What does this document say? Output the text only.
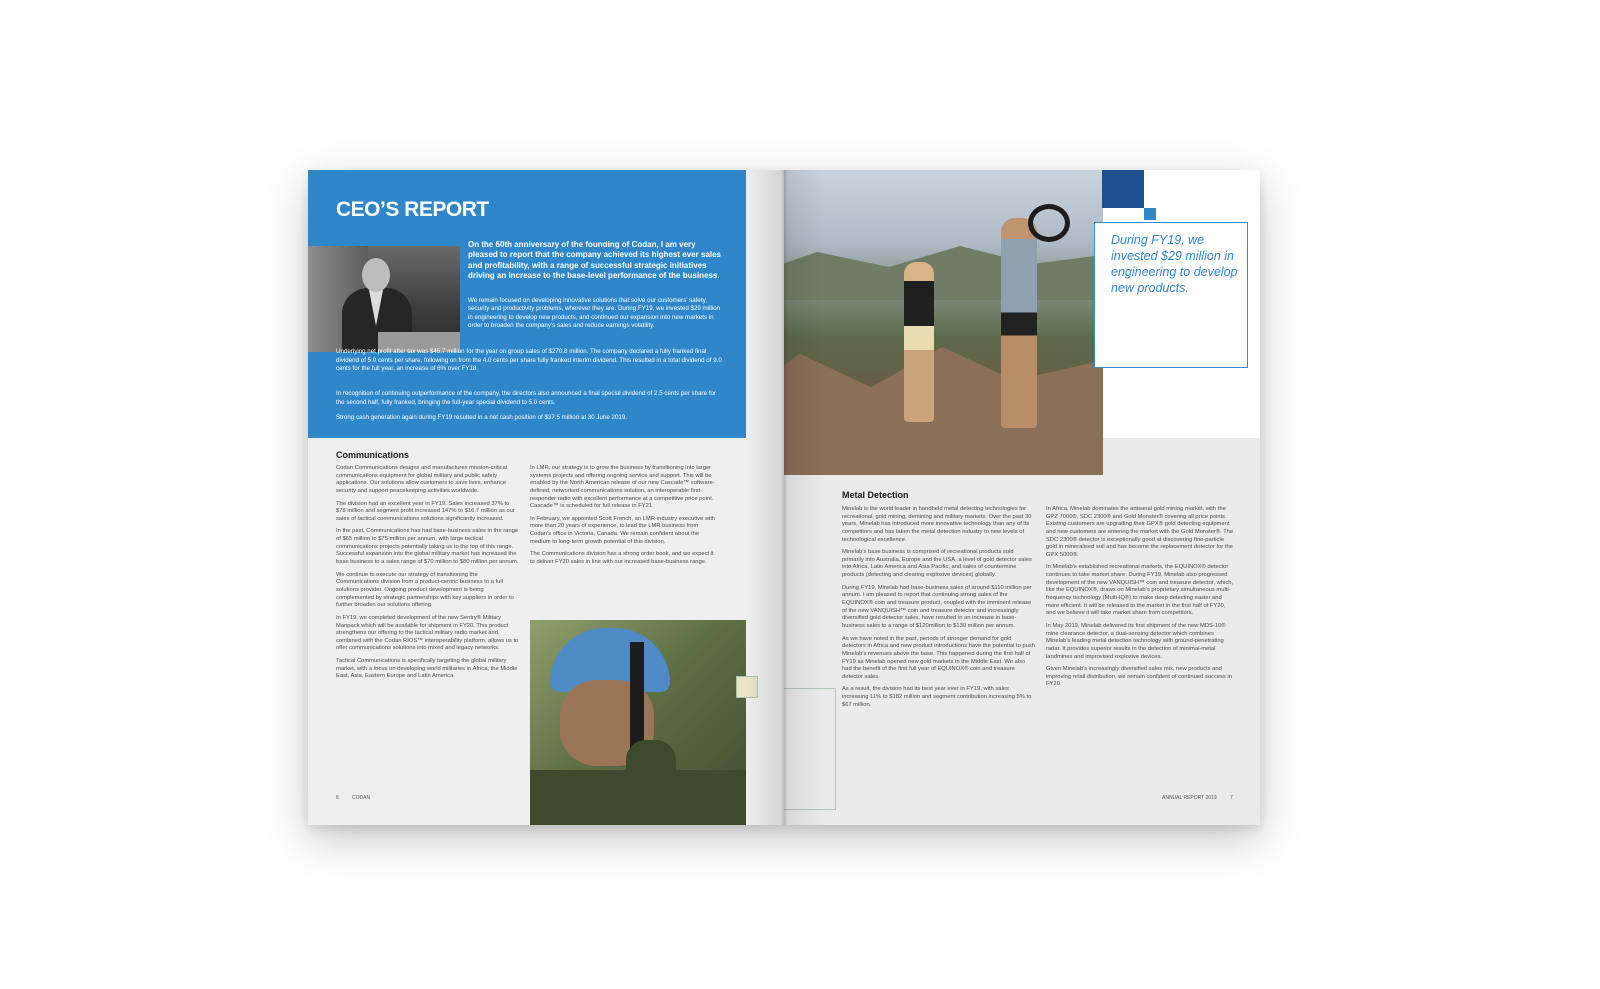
CEO’S REPORT

On the 60th anniversary of the founding of Codan, I am very pleased to report that the company achieved its highest ever sales and profitability, with a range of successful strategic initiatives driving an increase to the base-level performance of the business.

We remain focused on developing innovative solutions that solve our customers’ safety, security and productivity problems, wherever they are. During FY19, we invested $29 million in engineering to develop new products, and continued our expansion into new markets in order to broaden the company’s sales and reduce earnings volatility.

Underlying net profit after tax was $45.7 million for the year on group sales of $270.8 million. The company declared a fully franked final dividend of 5.0 cents per share, following on from the 4.0 cents per share fully franked interim dividend. This resulted in a total dividend of 9.0 cents for the full year, an increase of 6% over FY18.

In recognition of continuing outperformance of the company, the directors also announced a final special dividend of 2.5 cents per share for the second half, fully franked, bringing the full-year special dividend to 5.0 cents.

Strong cash generation again during FY19 resulted in a net cash position of $37.5 million at 30 June 2019.

Communications

Codan Communications designs and manufactures mission-critical communications equipment for global military and public safety applications. Our solutions allow customers to save lives, enhance security and support peacekeeping activities worldwide.

The division had an excellent year in FY19. Sales increased 37% to $78 million and segment profit increased 147% to $16.7 million as our sales of tactical communications solutions significantly increased.

In the past, Communications has had base-business sales in the range of $65 million to $75 million per annum, with large tactical communications projects potentially taking us to the top of this range. Successful expansion into the global military market has increased the base business to a sales range of $70 million to $80 million per annum.

We continue to execute our strategy of transitioning the Communications division from a product-centric business to a full solutions provider. Ongoing product development is being complemented by strategic partnerships with key suppliers in order to further broaden our solutions offering.

In FY19, we completed development of the new Sentry® Military Manpack which will be available for shipment in FY20. This product strengthens our offering to the tactical military radio market and, combined with the Codan RIOS™ interoperability platform, allows us to offer communications solutions into mixed and legacy networks.

Tactical Communications is specifically targeting the global military market, with a focus on developing world militaries in Africa, the Middle East, Asia, Eastern Europe and Latin America.

In LMR, our strategy is to grow the business by transitioning into larger systems projects and offering ongoing service and support. This will be enabled by the North American release of our new Cascade™ software-defined, networked communications solution, an interoperable first-responder radio with excellent performance at a competitive price point. Cascade™ is scheduled for full release in FY21.

In February, we appointed Scott French, an LMR-industry executive with more than 20 years of experience, to lead the LMR business from Codan’s office in Victoria, Canada. We remain confident about the medium to long-term growth potential of this division.

The Communications division has a strong order book, and we expect it to deliver FY20 sales in line with our increased base-business range.

6	CODAN

During FY19, we invested $29 million in engineering to develop new products.

Metal Detection

Minelab is the world leader in handheld metal detecting technologies for recreational, gold mining, demining and military markets. Over the past 30 years, Minelab has introduced more innovative technology than any of its competitors and has taken the metal detection industry to new levels of technological excellence.

Minelab’s base business is comprised of recreational products sold primarily into Australia, Europe and the USA, a level of gold detector sales into Africa, Latin America and Asia Pacific, and sales of countermine products (detecting and clearing explosive devices) globally.

During FY19, Minelab had base-business sales of around $110 million per annum. I am pleased to report that continuing strong sales of the EQUINOX® coin and treasure product, coupled with the imminent release of the new VANQUISH™ coin and treasure detector and increasingly diversified gold detector sales, have resulted in an increase in base-business sales to a range of $120million to $130 million per annum.

As we have noted in the past, periods of stronger demand for gold detectors in Africa and new product introductions have the potential to push Minelab’s revenues above the base. This happened during the first half of FY19 as Minelab opened new gold markets in the Middle East. We also had the benefit of the first full year of EQUINOX® coin and treasure detector sales.

As a result, the division had its best year ever in FY19, with sales increasing 11% to $182 million and segment contribution increasing 5% to $67 million.

In Africa, Minelab dominates the artisanal gold mining market, with the GPZ 7000®, SDC 2300® and Gold Monster® covering all price points. Existing customers are upgrading their GPX® gold detecting equipment and new customers are entering the market with the Gold Monster®. The SDC 2300® detector is exceptionally good at discovering fine-particle gold in mineralised soil and has become the replacement detector for the GPX 5000®.

In Minelab’s established recreational markets, the EQUINOX® detector continues to take market share. During FY19, Minelab also progressed development of the new VANQUISH™ coin and treasure detector, which, like the EQUINOX®, draws on Minelab’s proprietary simultaneous multi-frequency technology (Multi-IQ®) to make deep detecting easier and more efficient. It will be released to the market in the first half of FY20, and we believe it will take market share from competitors.

In May 2019, Minelab delivered its first shipment of the new MDS-10® mine clearance detector, a dual-sensing detector which combines Minelab’s leading metal detection technology with ground-penetrating radar. It provides superior results in the detection of minimal-metal landmines and improvised explosive devices.

Given Minelab’s increasingly diversified sales mix, new products and improving retail distribution, we remain confident of continued success in FY20.

ANNUAL REPORT 2019	7
